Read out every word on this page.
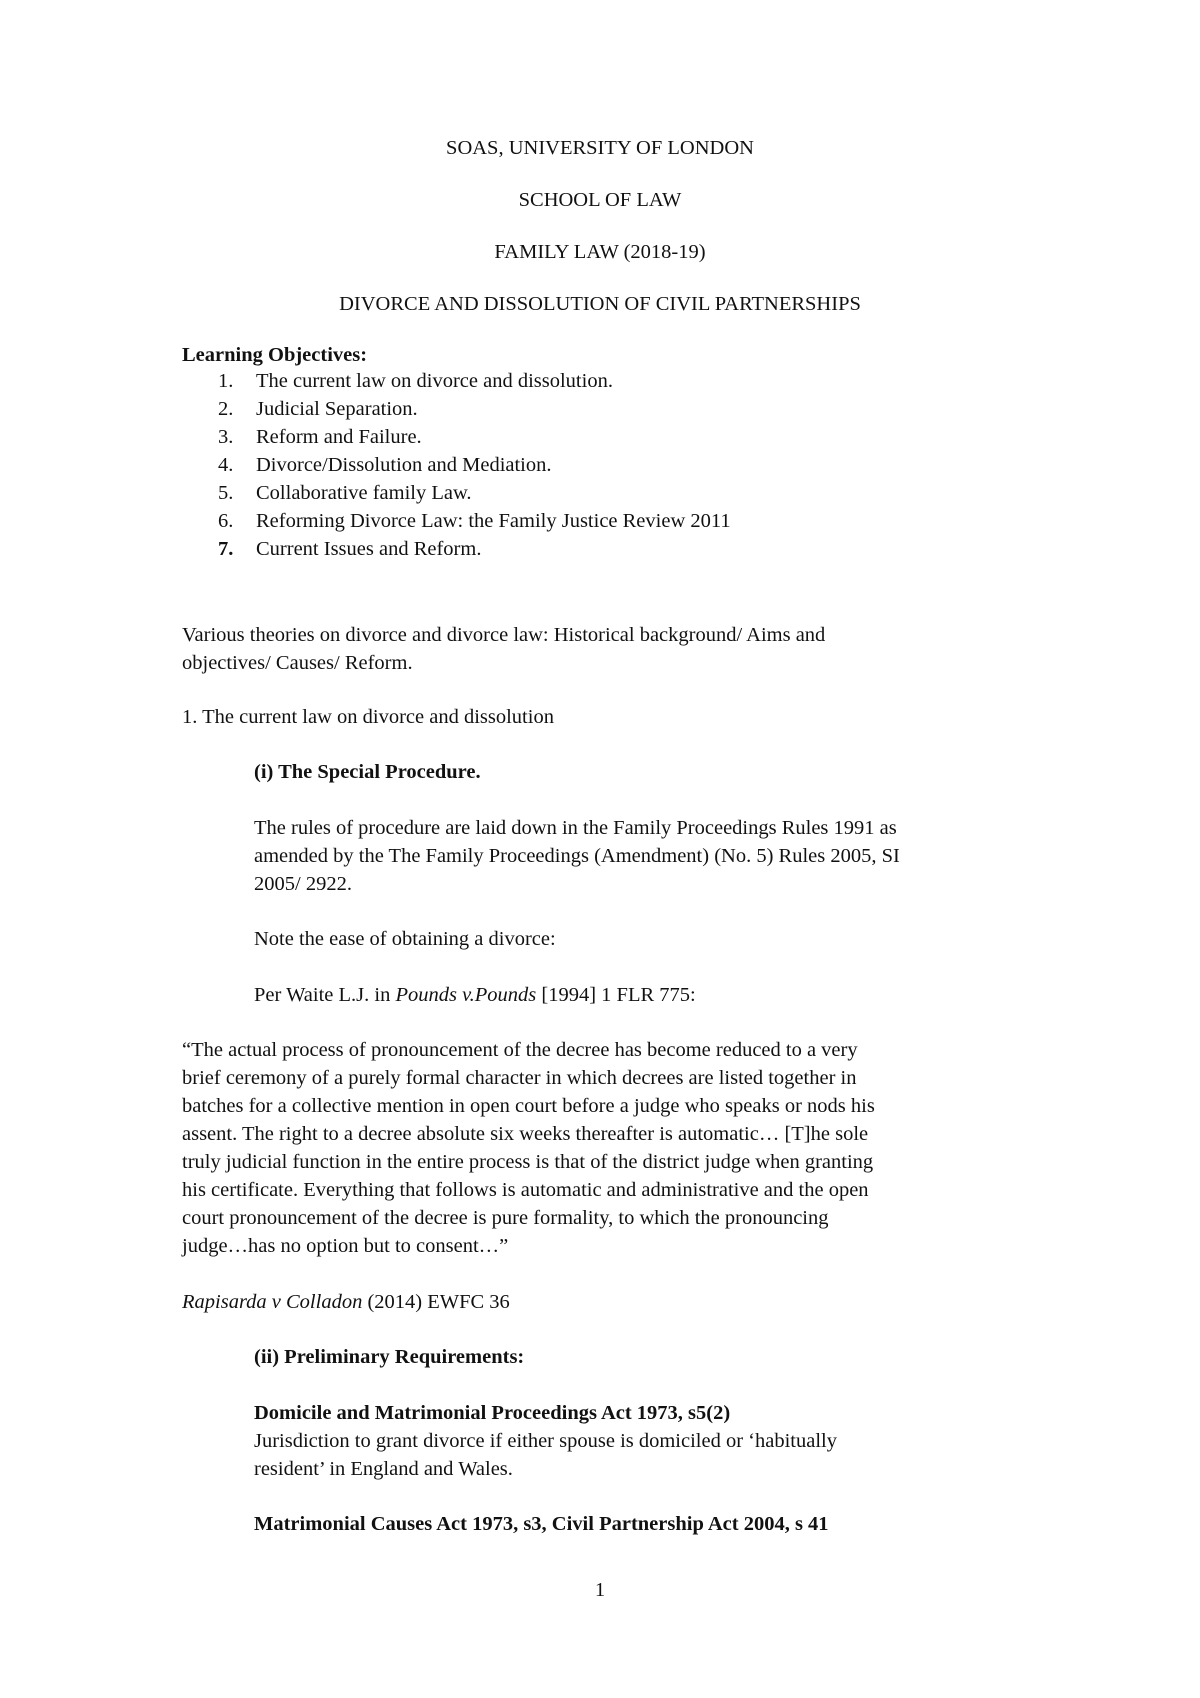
SOAS, UNIVERSITY OF LONDON

SCHOOL OF LAW

FAMILY LAW (2018-19)

DIVORCE AND DISSOLUTION OF CIVIL PARTNERSHIPS

Learning Objectives:

1. The current law on divorce and dissolution.

2. Judicial Separation.

3. Reform and Failure.

4. Divorce/Dissolution and Mediation.

5. Collaborative family Law.

6. Reforming Divorce Law: the Family Justice Review 2011

7. Current Issues and Reform.

Various theories on divorce and divorce law: Historical background/ Aims and

objectives/ Causes/ Reform.

1. The current law on divorce and dissolution

(i) The Special Procedure.

The rules of procedure are laid down in the Family Proceedings Rules 1991 as

amended by the The Family Proceedings (Amendment) (No. 5) Rules 2005, SI

2005/ 2922.

Note the ease of obtaining a divorce:

Per Waite L.J. in Pounds v.Pounds [1994] 1 FLR 775:

“The actual process of pronouncement of the decree has become reduced to a very

brief ceremony of a purely formal character in which decrees are listed together in

batches for a collective mention in open court before a judge who speaks or nods his

assent. The right to a decree absolute six weeks thereafter is automatic… [T]he sole

truly judicial function in the entire process is that of the district judge when granting

his certificate. Everything that follows is automatic and administrative and the open

court pronouncement of the decree is pure formality, to which the pronouncing

judge…has no option but to consent…”

Rapisarda v Colladon (2014) EWFC 36

(ii) Preliminary Requirements:

Domicile and Matrimonial Proceedings Act 1973, s5(2)

Jurisdiction to grant divorce if either spouse is domiciled or ‘habitually

resident’ in England and Wales.

Matrimonial Causes Act 1973, s3, Civil Partnership Act 2004, s 41

1
